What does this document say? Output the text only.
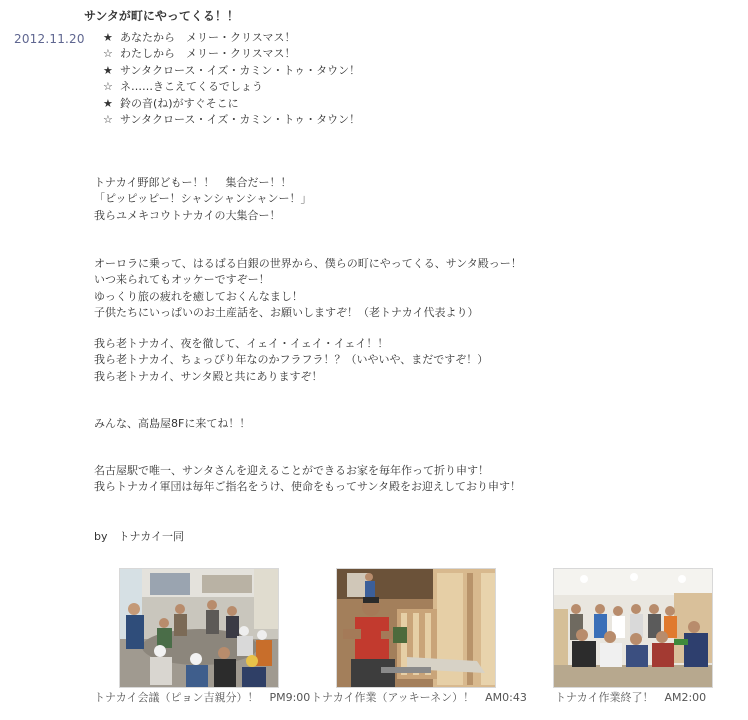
サンタが町にやってくる！！
2012.11.20 ★ あなたから　メリー・クリスマス！
☆ わたしから　メリー・クリスマス！
★ サンタクロース・イズ・カミン・トゥ・タウン！
☆ ネ……きこえてくるでしょう
★ 鈴の音(ね)がすぐそこに
☆ サンタクロース・イズ・カミン・トゥ・タウン！

トナカイ野郎どもー！！　集合だー！！
「ピッピッピー！シャンシャンシャンー！」
我らユメキコウトナカイの大集合ー！

オーロラに乗って、はるばる白銀の世界から、僕らの町にやってくる、サンタ殿っー！
いつ来られてもオッケーですぞー！
ゆっくり旅の疲れを癒しておくんなまし！
子供たちにいっぱいのお土産話を、お願いしますぞ！（老トナカイ代表より）

我ら老トナカイ、夜を徹して、イェイ・イェイ・イェイ！！
我ら老トナカイ、ちょっぴり年なのかフラフラ！？（いやいや、まだですぞ！）
我ら老トナカイ、サンタ殿と共にありますぞ！

みんな、高島屋8Fに来てね！！

名古屋駅で唯一、サンタさんを迎えることができるお家を毎年作って折り申す！
我らトナカイ軍団は毎年ご指名をうけ、使命をもってサンタ殿をお迎えしており申す！

by　トナカイ一同
トナカイ会議（ピョン吉親分）！　PM9:00 トナカイ作業（アッキーネン）！　AM0:43	トナカイ作業終了！　AM2:00
